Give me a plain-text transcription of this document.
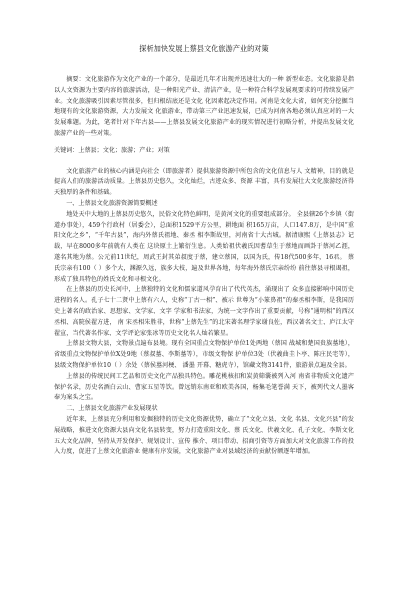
探析加快发展上蔡县文化旅游产业的对策

摘要：文化旅游作为文化产业的一个部分，是最近几年才出现并迅速壮大的一种 新型业态。文化旅游是指以人文资源为主要内容的旅游活动，是一种阳光产业、清洁产业，是一种符合科学发展观要求的可持续发展产业。文化旅游吸引因素尽管很多，但归根结底还是文化 化因素起决定作用。河南是文化大省，如何充分挖掘当地现有的文化旅游资源，大力发展文 化旅游业，带动第三产业迅速发展，已成为河南各地必须认真应对的一大发展难题。为此，笔者针对下年古县——上蔡县发展文化旅游产业的现实情况进行初略分析，并提出发展文化 旅游产业的一些对策。

关键词：上蔡县；文化；旅游；产业；对策

文化旅游产业的核心内涵是向社会（即旅游者）提供旅游资源中所包含的文化信息与人 文精神，目的就是提高人们的旅游活动质量。上蔡县历史悠久，文化灿烂，古迹众多、资源 丰富，具有发展壮大文化旅游经济得天独厚的条件和基础。

一、上蔡县文化旅游资源简要概述

地处天中大地的上蔡县历史悠久，民俗文化特色鲜明，是黄河文化的重要组成部分。 全县辖26个乡镇（街道办事处），459个行政村（居委会），总面积1529平方公里，耕地面 积165万亩，人口147.8万，是中国“重阳文化之乡”，“千年古县”，海内外蔡氏祖地、秦丞 相李斯故里，河南省十大古城。据清康熙《上蔡县志》记载，早在8000多年前就有人类在 这块原土上繁衍生息。人类始祖伏羲氏因蓍草生于蔡地而画卦于蔡河乙涯，遂名其地为蔡。公元前11世纪，周武王封其弟叔度于蔡，建立蔡国，以国为氏，传18代500多年，16君。 蔡氏宗亲有100（ ）多个大，渊源久远，族多大枝，遍及世界各地，每年海外蔡氏宗亲纷纷 前往蔡县寻根谒祖，形成了独具特色的姓氏文化和寻根文化。

在上蔡县的历史长河中，上蔡独特的文化和儒家道风孕育出了代代英杰，涌现出了 众多直接影响中国历史进程的名人。孔子七十二贤中上蔡有六人，史称“丁古一相”、被示 世尊为“小篆鼻祖”的秦丞相李斯，是我国历史上著名的政治家、思想家、文学家、文字 学家和书法家，为统一文字作出了重要贡献，号称“通明相”的西汉丞相、高院侯翟方进， 南 宋丞相朱胜非，世称“上蔡先生”的北宋著名理学家谢良佐，西汉著名文士、庐江太守 翟宣，当代著名作家、文学评论家张冰等历史文化名人灿若繁星。

上蔡县文物大县，文物景点遍布县境。现有全国重点文物保护单位1处两地（蔡国 战城和楚国贵族墓地），省级重点文物保护单位X处9地（蔡叔墓、李斯墓等），市级文物保 护单位3处（伏羲曲圭卜亭、陈庄民宅等），县级文物保护单位10（ ）余处（蔡侯墓河梗、 潘墨 开幕、糖虎寺），馆藏文物3141件，旅游景点遍及全县。

上蔡县的传统民间工艺品和历史文化产品独具特色。雕花桃核扣和炭黄筛囊被列入河 南省非物质文化遗产保护名录，历史名酒白云山、曹家五星等饮。曾远销东南亚和欧美各国，杨集毛笔誉满 天下，被列代文人墨客奉为案头之宝。

二、上蔡县文化旅游产业发展现状

近年来，上蔡县充分利用和发掘独特的历史文化资源优势，确立了“文化立县、文化 名县、文化兴县”的发展战略，推进文化资源大县向文化名县转变，努力打造重阳文化、蔡 氏文化、伏羲文化、孔子文化、李斯文化五大文化品牌，坚持从开发保护、规划设计、宣传 推介、项目带动、招商引资等方面加大对文化旅游工作的投入力度，促进了上蔡文化旅游业 健康有序发展，文化旅游产业对县域经济的贡献份额逐年增加。
